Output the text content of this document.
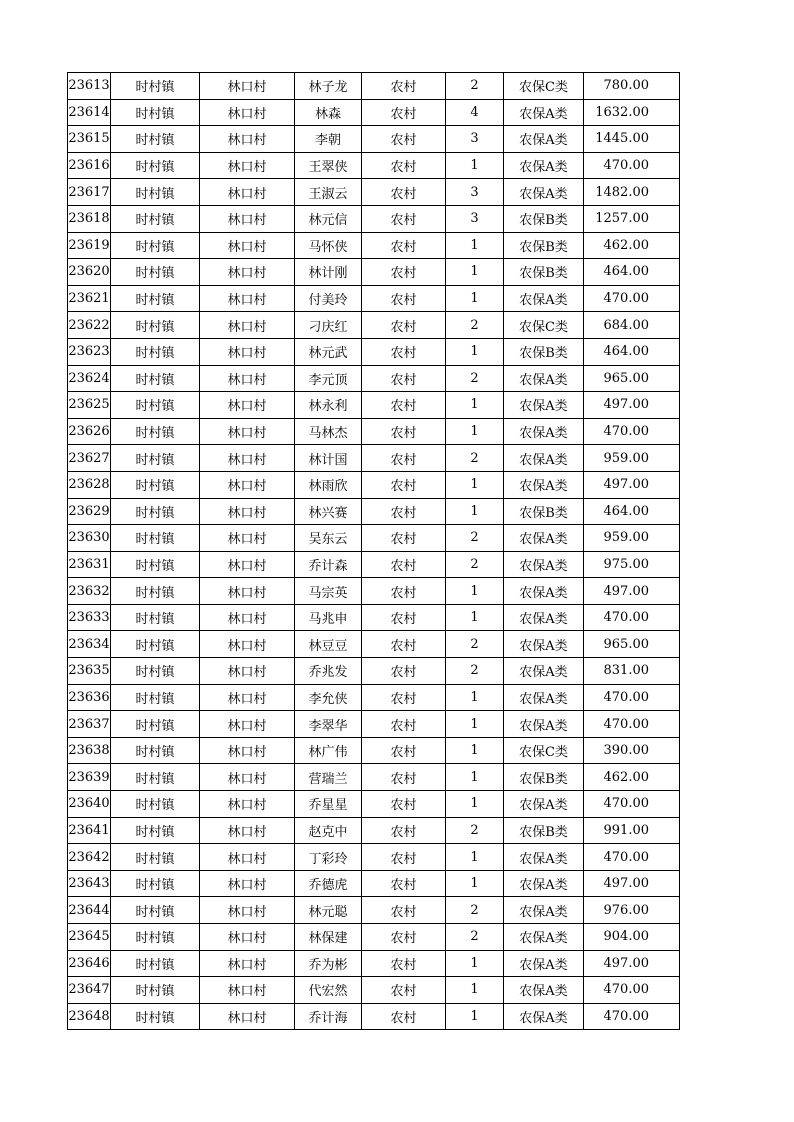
23613	时村镇	林口村	林子龙	农村	2	农保C类	780.00
23614	时村镇	林口村	林森	农村	4	农保A类	1632.00
23615	时村镇	林口村	李朝	农村	3	农保A类	1445.00
23616	时村镇	林口村	王翠侠	农村	1	农保A类	470.00
23617	时村镇	林口村	王淑云	农村	3	农保A类	1482.00
23618	时村镇	林口村	林元信	农村	3	农保B类	1257.00
23619	时村镇	林口村	马怀侠	农村	1	农保B类	462.00
23620	时村镇	林口村	林计刚	农村	1	农保B类	464.00
23621	时村镇	林口村	付美玲	农村	1	农保A类	470.00
23622	时村镇	林口村	刁庆红	农村	2	农保C类	684.00
23623	时村镇	林口村	林元武	农村	1	农保B类	464.00
23624	时村镇	林口村	李元顶	农村	2	农保A类	965.00
23625	时村镇	林口村	林永利	农村	1	农保A类	497.00
23626	时村镇	林口村	马林杰	农村	1	农保A类	470.00
23627	时村镇	林口村	林计国	农村	2	农保A类	959.00
23628	时村镇	林口村	林雨欣	农村	1	农保A类	497.00
23629	时村镇	林口村	林兴赛	农村	1	农保B类	464.00
23630	时村镇	林口村	吴东云	农村	2	农保A类	959.00
23631	时村镇	林口村	乔计森	农村	2	农保A类	975.00
23632	时村镇	林口村	马宗英	农村	1	农保A类	497.00
23633	时村镇	林口村	马兆申	农村	1	农保A类	470.00
23634	时村镇	林口村	林豆豆	农村	2	农保A类	965.00
23635	时村镇	林口村	乔兆发	农村	2	农保A类	831.00
23636	时村镇	林口村	李允侠	农村	1	农保A类	470.00
23637	时村镇	林口村	李翠华	农村	1	农保A类	470.00
23638	时村镇	林口村	林广伟	农村	1	农保C类	390.00
23639	时村镇	林口村	营瑞兰	农村	1	农保B类	462.00
23640	时村镇	林口村	乔星星	农村	1	农保A类	470.00
23641	时村镇	林口村	赵克中	农村	2	农保B类	991.00
23642	时村镇	林口村	丁彩玲	农村	1	农保A类	470.00
23643	时村镇	林口村	乔德虎	农村	1	农保A类	497.00
23644	时村镇	林口村	林元聪	农村	2	农保A类	976.00
23645	时村镇	林口村	林保建	农村	2	农保A类	904.00
23646	时村镇	林口村	乔为彬	农村	1	农保A类	497.00
23647	时村镇	林口村	代宏然	农村	1	农保A类	470.00
23648	时村镇	林口村	乔计海	农村	1	农保A类	470.00
